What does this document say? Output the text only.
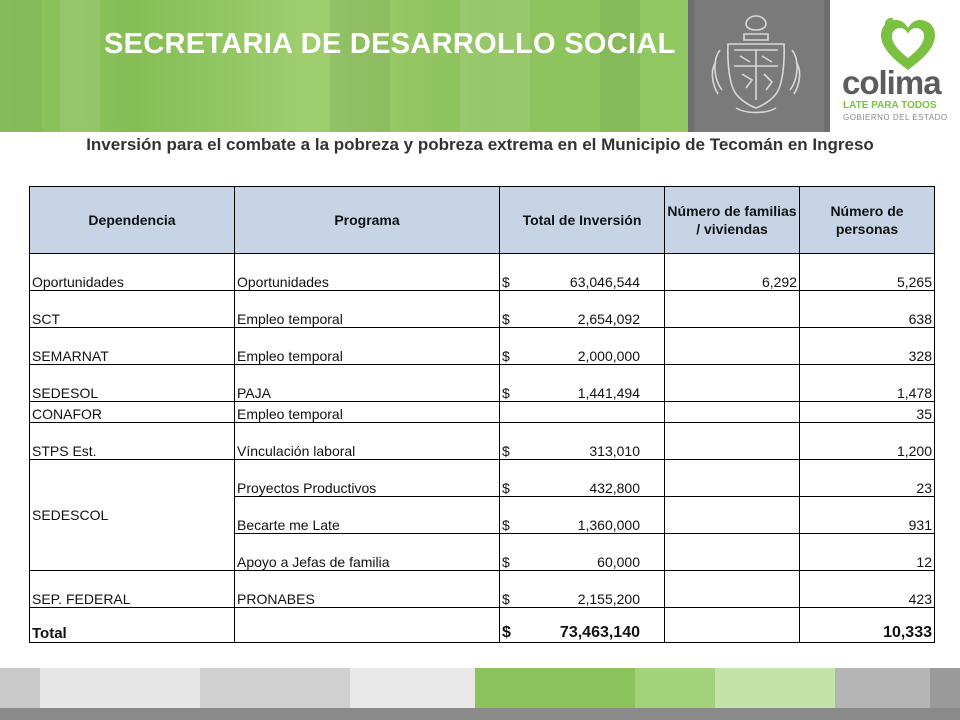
SECRETARIA DE DESARROLLO SOCIAL
colima
LATE PARA TODOS
GOBIERNO DEL ESTADO
Inversión para el combate a la pobreza y pobreza extrema en el Municipio de Tecomán en Ingreso
Dependencia	Programa	Total de Inversión	Número de familias / viviendas	Número de personas
Oportunidades	Oportunidades	$ 63,046,544	6,292	5,265
SCT	Empleo temporal	$ 2,654,092		638
SEMARNAT	Empleo temporal	$ 2,000,000		328
SEDESOL	PAJA	$ 1,441,494		1,478
CONAFOR	Empleo temporal			35
STPS Est.	Vínculación laboral	$ 313,010		1,200
SEDESCOL	Proyectos Productivos	$ 432,800		23
	Becarte me Late	$ 1,360,000		931
	Apoyo a Jefas de familia	$ 60,000		12
SEP. FEDERAL	PRONABES	$ 2,155,200		423
Total		$ 73,463,140		10,333
